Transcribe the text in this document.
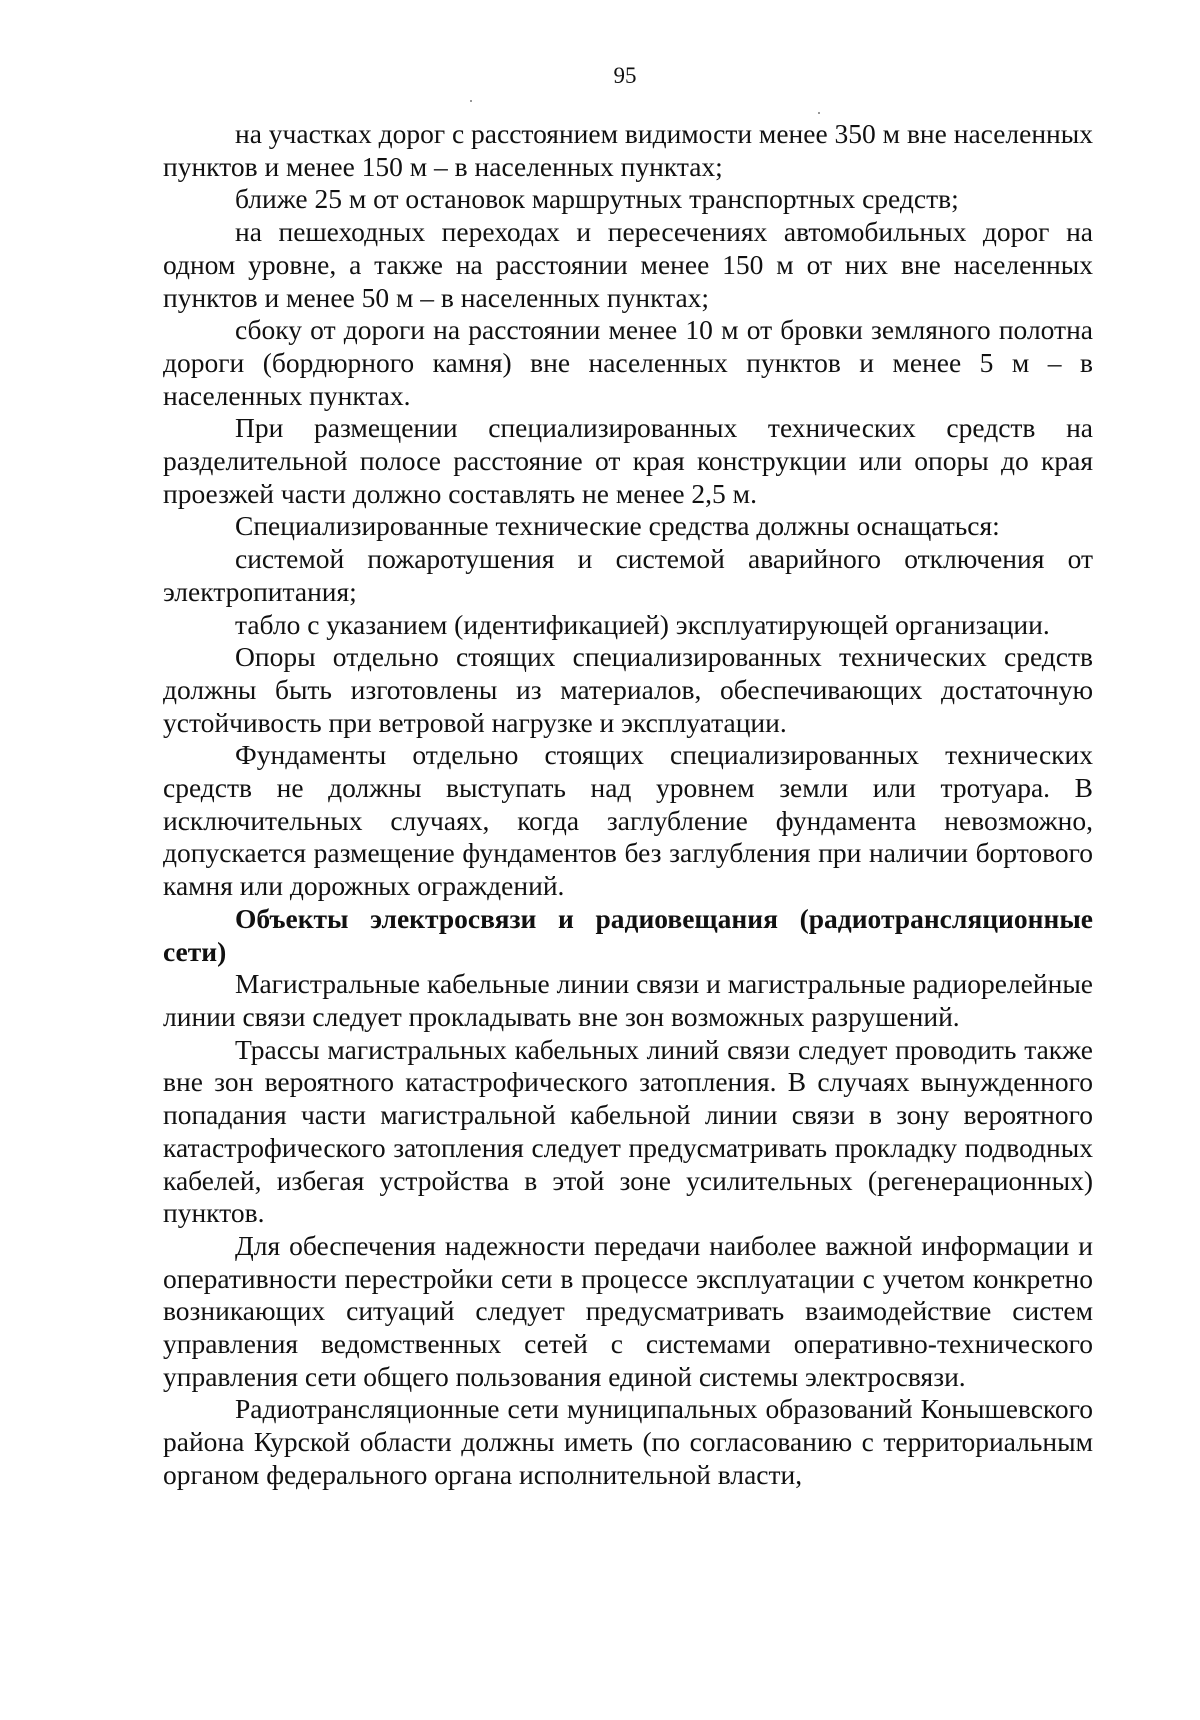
95

на участках дорог с расстоянием видимости менее 350 м вне населенных пунктов и менее 150 м – в населенных пунктах;

ближе 25 м от остановок маршрутных транспортных средств;

на пешеходных переходах и пересечениях автомобильных дорог на одном уровне, а также на расстоянии менее 150 м от них вне населенных пунктов и менее 50 м – в населенных пунктах;

сбоку от дороги на расстоянии менее 10 м от бровки земляного полотна дороги (бордюрного камня) вне населенных пунктов и менее 5 м – в населенных пунктах.

При размещении специализированных технических средств на разделительной полосе расстояние от края конструкции или опоры до края проезжей части должно составлять не менее 2,5 м.

Специализированные технические средства должны оснащаться:

системой пожаротушения и системой аварийного отключения от электропитания;

табло с указанием (идентификацией) эксплуатирующей организации.

Опоры отдельно стоящих специализированных технических средств должны быть изготовлены из материалов, обеспечивающих достаточную устойчивость при ветровой нагрузке и эксплуатации.

Фундаменты отдельно стоящих специализированных технических средств не должны выступать над уровнем земли или тротуара. В исключительных случаях, когда заглубление фундамента невозможно, допускается размещение фундаментов без заглубления при наличии бортового камня или дорожных ограждений.

Объекты электросвязи и радиовещания (радиотрансляционные сети)

Магистральные кабельные линии связи и магистральные радиорелейные линии связи следует прокладывать вне зон возможных разрушений.

Трассы магистральных кабельных линий связи следует проводить также вне зон вероятного катастрофического затопления. В случаях вынужденного попадания части магистральной кабельной линии связи в зону вероятного катастрофического затопления следует предусматривать прокладку подводных кабелей, избегая устройства в этой зоне усилительных (регенерационных) пунктов.

Для обеспечения надежности передачи наиболее важной информации и оперативности перестройки сети в процессе эксплуатации с учетом конкретно возникающих ситуаций следует предусматривать взаимодействие систем управления ведомственных сетей с системами оперативно-технического управления сети общего пользования единой системы электросвязи.

Радиотрансляционные сети муниципальных образований Конышевского района Курской области должны иметь (по согласованию с территориальным органом федерального органа исполнительной власти,
